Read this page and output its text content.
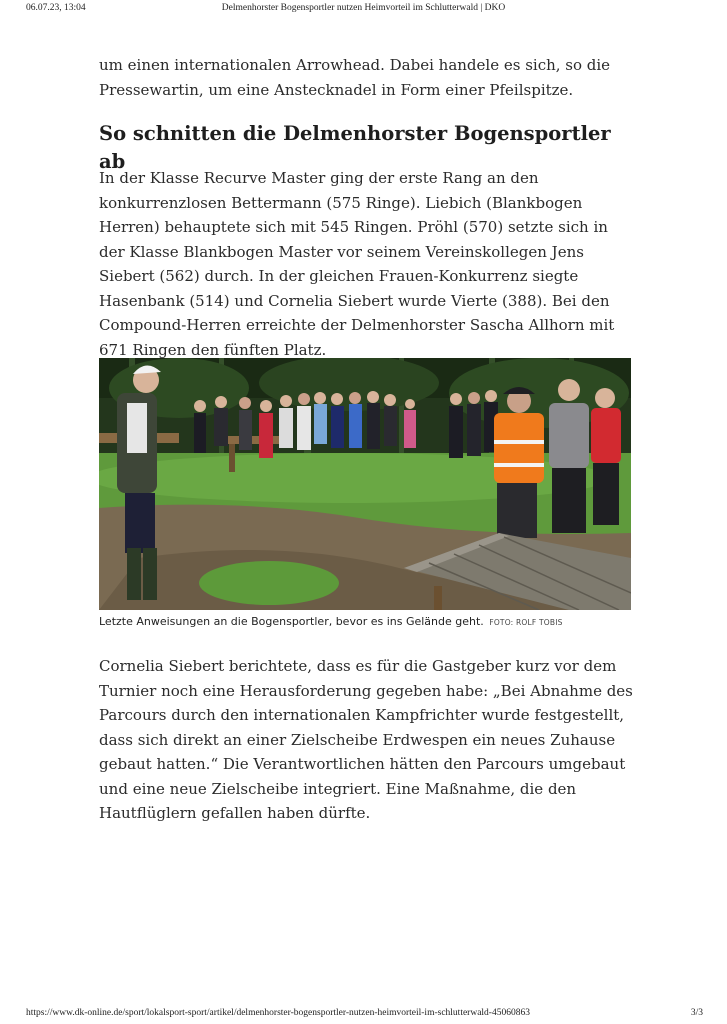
06.07.23, 13:04	Delmenhorster Bogensportler nutzen Heimvorteil im Schlutterwald | DKO

um einen internationalen Arrowhead. Dabei handele es sich, so die Pressewartin, um eine Anstecknadel in Form einer Pfeilspitze.

So schnitten die Delmenhorster Bogensportler ab

In der Klasse Recurve Master ging der erste Rang an den konkurrenzlosen Bettermann (575 Ringe). Liebich (Blankbogen Herren) behauptete sich mit 545 Ringen. Pröhl (570) setzte sich in der Klasse Blankbogen Master vor seinem Vereinskollegen Jens Siebert (562) durch. In der gleichen Frauen-Konkurrenz siegte Hasenbank (514) und Cornelia Siebert wurde Vierte (388). Bei den Compound-Herren erreichte der Delmenhorster Sascha Allhorn mit 671 Ringen den fünften Platz.

Letzte Anweisungen an die Bogensportler, bevor es ins Gelände geht. FOTO: ROLF TOBIS

Cornelia Siebert berichtete, dass es für die Gastgeber kurz vor dem Turnier noch eine Herausforderung gegeben habe: „Bei Abnahme des Parcours durch den internationalen Kampfrichter wurde festgestellt, dass sich direkt an einer Zielscheibe Erdwespen ein neues Zuhause gebaut hatten.“ Die Verantwortlichen hätten den Parcours umgebaut und eine neue Zielscheibe integriert. Eine Maßnahme, die den Hautflüglern gefallen haben dürfte.

https://www.dk-online.de/sport/lokalsport-sport/artikel/delmenhorster-bogensportler-nutzen-heimvorteil-im-schlutterwald-45060863	3/3
